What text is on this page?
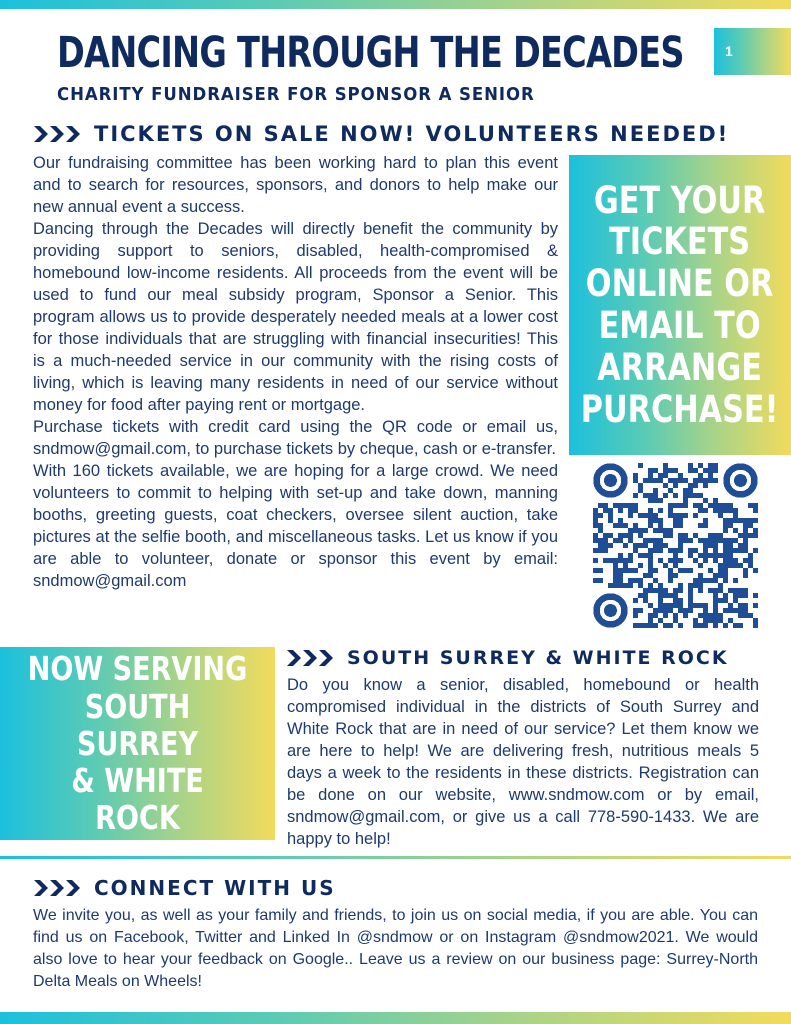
DANCING THROUGH THE DECADES
CHARITY FUNDRAISER FOR SPONSOR A SENIOR
1
TICKETS ON SALE NOW! VOLUNTEERS NEEDED!

Our fundraising committee has been working hard to plan this event and to search for resources, sponsors, and donors to help make our new annual event a success.

Dancing through the Decades will directly benefit the community by providing support to seniors, disabled, health-compromised & homebound low-income residents. All proceeds from the event will be used to fund our meal subsidy program, Sponsor a Senior. This program allows us to provide desperately needed meals at a lower cost for those individuals that are struggling with financial insecurities! This is a much-needed service in our community with the rising costs of living, which is leaving many residents in need of our service without money for food after paying rent or mortgage.

Purchase tickets with credit card using the QR code or email us, sndmow@gmail.com, to purchase tickets by cheque, cash or e-transfer.

With 160 tickets available, we are hoping for a large crowd. We need volunteers to commit to helping with set-up and take down, manning booths, greeting guests, coat checkers, oversee silent auction, take pictures at the selfie booth, and miscellaneous tasks. Let us know if you are able to volunteer, donate or sponsor this event by email: sndmow@gmail.com

GET YOUR
TICKETS
ONLINE OR
EMAIL TO
ARRANGE
PURCHASE!
NOW SERVING
SOUTH SURREY
& WHITE ROCK
SOUTH SURREY & WHITE ROCK

Do you know a senior, disabled, homebound or health compromised individual in the districts of South Surrey and White Rock that are in need of our service? Let them know we are here to help! We are delivering fresh, nutritious meals 5 days a week to the residents in these districts. Registration can be done on our website, www.sndmow.com or by email, sndmow@gmail.com, or give us a call 778-590-1433. We are happy to help!

CONNECT WITH US

We invite you, as well as your family and friends, to join us on social media, if you are able. You can find us on Facebook, Twitter and Linked In @sndmow or on Instagram @sndmow2021. We would also love to hear your feedback on Google.. Leave us a review on our business page: Surrey-North Delta Meals on Wheels!
